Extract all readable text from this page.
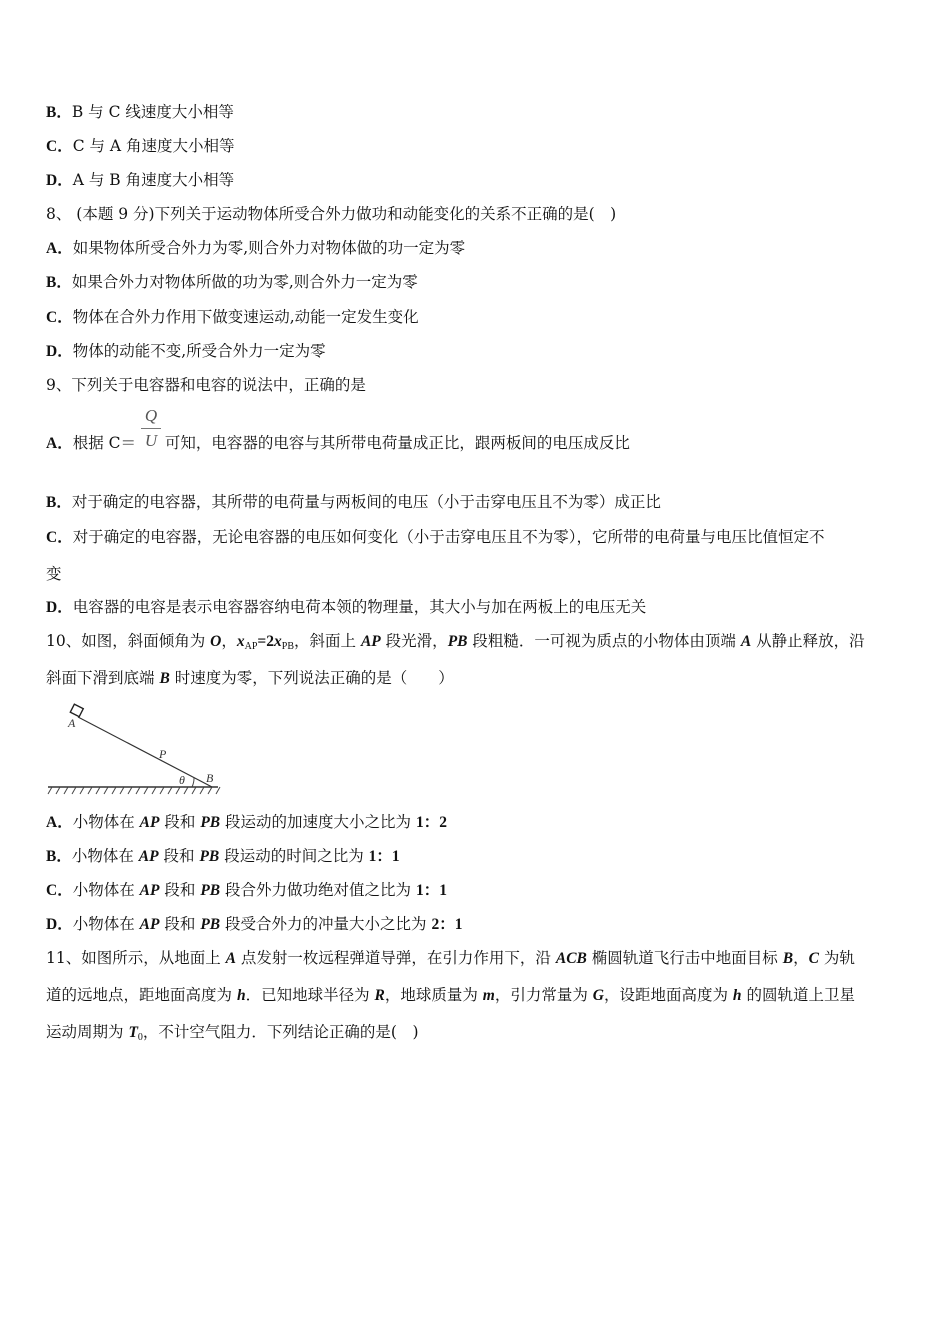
B．B 与 C 线速度大小相等
C．C 与 A 角速度大小相等
D．A 与 B 角速度大小相等
8、 (本题 9 分)下列关于运动物体所受合外力做功和动能变化的关系不正确的是(　)
A．如果物体所受合外力为零,则合外力对物体做的功一定为零
B．如果合外力对物体所做的功为零,则合外力一定为零
C．物体在合外力作用下做变速运动,动能一定发生变化
D．物体的动能不变,所受合外力一定为零
9、下列关于电容器和电容的说法中，正确的是
A．根据 C＝ 可知，电容器的电容与其所带电荷量成正比，跟两板间的电压成反比
Q
U
B．对于确定的电容器，其所带的电荷量与两板间的电压（小于击穿电压且不为零）成正比
C．对于确定的电容器，无论电容器的电压如何变化（小于击穿电压且不为零），它所带的电荷量与电压比值恒定不
变
D．电容器的电容是表示电容器容纳电荷本领的物理量，其大小与加在两板上的电压无关
10、如图，斜面倾角为 O，$x_{AP}=2x_{PB}$，斜面上 AP 段光滑，PB 段粗糙．一可视为质点的小物体由顶端 A 从静止释放，沿
斜面下滑到底端 B 时速度为零，下列说法正确的是（　　）
A
P
θ B
A．小物体在 AP 段和 PB 段运动的加速度大小之比为 1：2
B．小物体在 AP 段和 PB 段运动的时间之比为 1：1
C．小物体在 AP 段和 PB 段合外力做功绝对值之比为 1：1
D．小物体在 AP 段和 PB 段受合外力的冲量大小之比为 2：1
11、如图所示，从地面上 A 点发射一枚远程弹道导弹，在引力作用下，沿 ACB 椭圆轨道飞行击中地面目标 B，C 为轨
道的远地点，距地面高度为 h．已知地球半径为 R，地球质量为 m，引力常量为 G，设距地面高度为 h 的圆轨道上卫星
运动周期为 $T_0$，不计空气阻力．下列结论正确的是(　)
